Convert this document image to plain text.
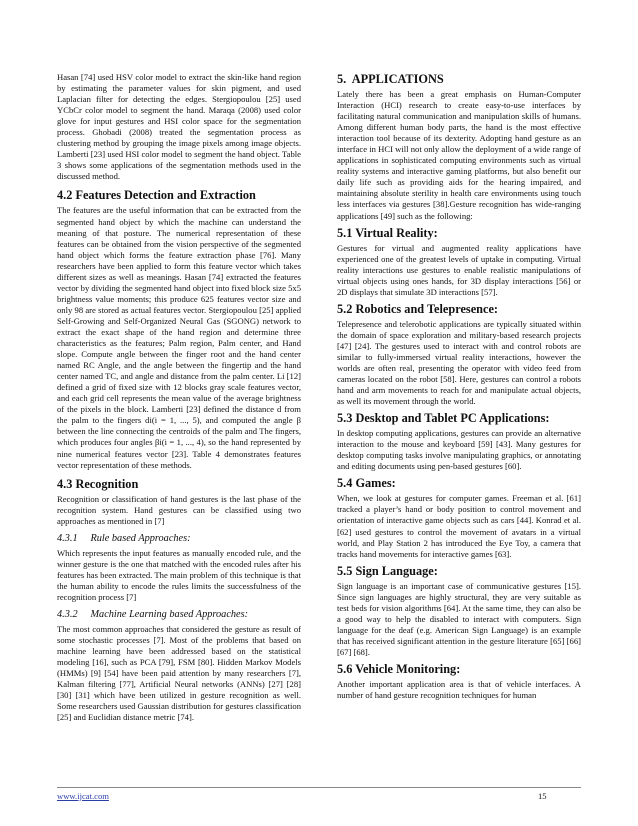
Hasan [74] used HSV color model to extract the skin-like hand region by estimating the parameter values for skin pigment, and used Laplacian filter for detecting the edges. Stergiopoulou [25] used YCbCr color model to segment the hand. Maraqa (2008) used color glove for input gestures and HSI color space for the segmentation process. Ghobadi (2008) treated the segmentation process as clustering method by grouping the image pixels among image objects. Lamberti [23] used HSI color model to segment the hand object. Table 3 shows some applications of the segmentation methods used in the discussed method.

4.2 Features Detection and Extraction

The features are the useful information that can be extracted from the segmented hand object by which the machine can understand the meaning of that posture. The numerical representation of these features can be obtained from the vision perspective of the segmented hand object which forms the feature extraction phase [76]. Many researchers have been applied to form this feature vector which takes different sizes as well as meanings. Hasan [74] extracted the features vector by dividing the segmented hand object into fixed block size 5x5 brightness value moments; this produce 625 features vector size and only 98 are stored as actual features vector. Stergiopoulou [25] applied Self-Growing and Self-Organized Neural Gas (SGONG) network to extract the exact shape of the hand region and determine three characteristics as the features; Palm region, Palm center, and Hand slope. Compute angle between the finger root and the hand center named RC Angle, and the angle between the fingertip and the hand center named TC, and angle and distance from the palm center. Li [12] defined a grid of fixed size with 12 blocks gray scale features vector, and each grid cell represents the mean value of the average brightness of the pixels in the block. Lamberti [23] defined the distance d from the palm to the fingers di(i = 1, ..., 5), and computed the angle β between the line connecting the centroids of the palm and The fingers, which produces four angles βi(i = 1, ..., 4), so the hand represented by nine numerical features vector [23]. Table 4 demonstrates features vector representation of these methods.

4.3 Recognition

Recognition or classification of hand gestures is the last phase of the recognition system. Hand gestures can be classified using two approaches as mentioned in [7]

4.3.1     Rule based Approaches:

Which represents the input features as manually encoded rule, and the winner gesture is the one that matched with the encoded rules after his features has been extracted. The main problem of this technique is that the human ability to encode the rules limits the successfulness of the recognition process [7]

4.3.2     Machine Learning based Approaches:

The most common approaches that considered the gesture as result of some stochastic processes [7]. Most of the problems that based on machine learning have been addressed based on the statistical modeling [16], such as PCA [79], FSM [80]. Hidden Markov Models (HMMs) [9] [54] have been paid attention by many researchers [7], Kalman filtering [77], Artificial Neural networks (ANNs) [27] [28] [30] [31] which have been utilized in gesture recognition as well. Some researchers used Gaussian distribution for gestures classification [25] and Euclidian distance metric [74].

5.  APPLICATIONS

Lately there has been a great emphasis on Human-Computer Interaction (HCI) research to create easy-to-use interfaces by facilitating natural communication and manipulation skills of humans. Among different human body parts, the hand is the most effective interaction tool because of its dexterity. Adopting hand gesture as an interface in HCI will not only allow the deployment of a wide range of applications in sophisticated computing environments such as virtual reality systems and interactive gaming platforms, but also benefit our daily life such as providing aids for the hearing impaired, and maintaining absolute sterility in health care environments using touch less interfaces via gestures [38].Gesture recognition has wide-ranging applications [49] such as the following:

5.1 Virtual Reality:

Gestures for virtual and augmented reality applications have experienced one of the greatest levels of uptake in computing. Virtual reality interactions use gestures to enable realistic manipulations of virtual objects using ones hands, for 3D display interactions [56] or 2D displays that simulate 3D interactions [57].

5.2 Robotics and Telepresence:

Telepresence and telerobotic applications are typically situated within the domain of space exploration and military-based research projects [47] [24]. The gestures used to interact with and control robots are similar to fully-immersed virtual reality interactions, however the worlds are often real, presenting the operator with video feed from cameras located on the robot [58]. Here, gestures can control a robots hand and arm movements to reach for and manipulate actual objects, as well its movement through the world.

5.3 Desktop and Tablet PC Applications:

In desktop computing applications, gestures can provide an alternative interaction to the mouse and keyboard [59] [43]. Many gestures for desktop computing tasks involve manipulating graphics, or annotating and editing documents using pen-based gestures [60].

5.4 Games:

When, we look at gestures for computer games. Freeman et al. [61] tracked a player’s hand or body position to control movement and orientation of interactive game objects such as cars [44]. Konrad et al. [62] used gestures to control the movement of avatars in a virtual world, and Play Station 2 has introduced the Eye Toy, a camera that tracks hand movements for interactive games [63].

5.5 Sign Language:

Sign language is an important case of communicative gestures [15]. Since sign languages are highly structural, they are very suitable as test beds for vision algorithms [64]. At the same time, they can also be a good way to help the disabled to interact with computers. Sign language for the deaf (e.g. American Sign Language) is an example that has received significant attention in the gesture literature [65] [66] [67] [68].

5.6 Vehicle Monitoring:

Another important application area is that of vehicle interfaces. A number of hand gesture recognition techniques for human

www.ijcat.com	15
